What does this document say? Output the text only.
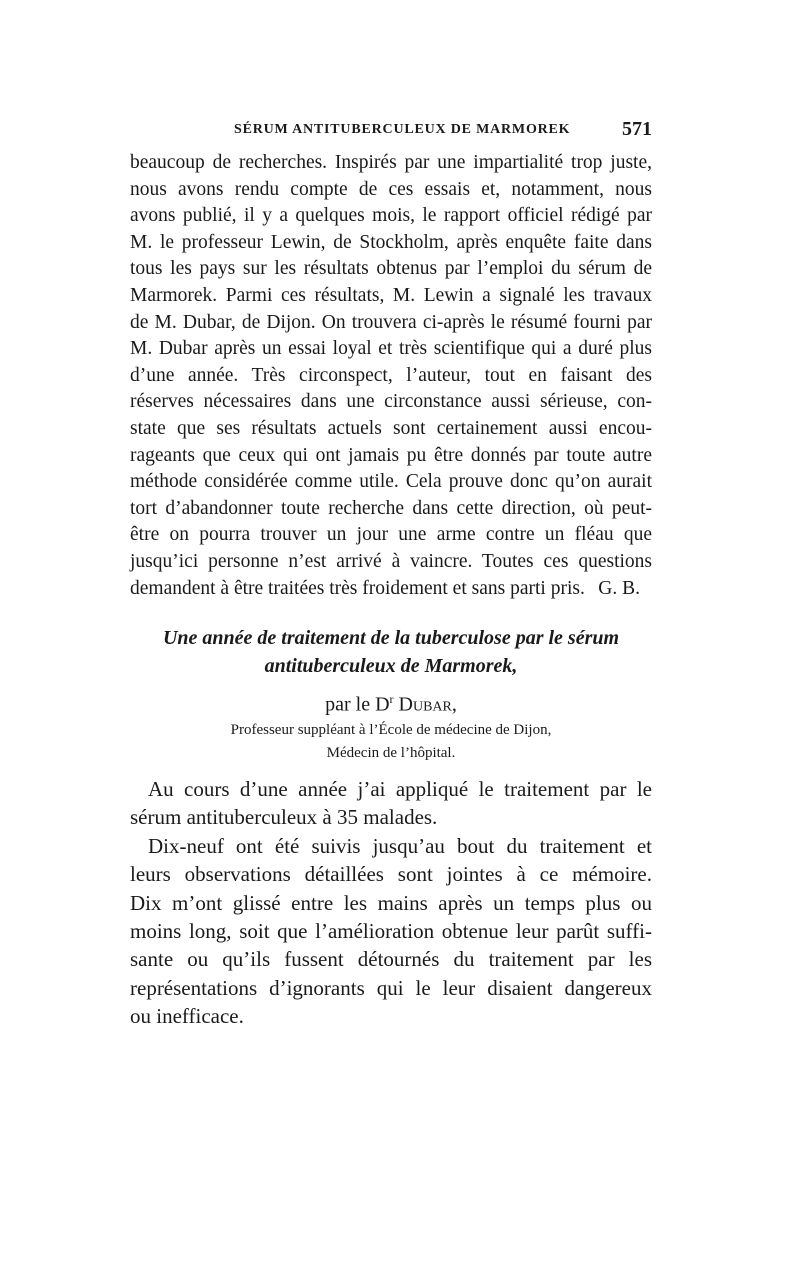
SÉRUM ANTITUBERCULEUX DE MARMOREK	571
beaucoup de recherches. Inspirés par une impartialité trop juste,
nous avons rendu compte de ces essais et, notamment, nous
avons publié, il y a quelques mois, le rapport officiel rédigé par
M. le professeur Lewin, de Stockholm, après enquête faite dans
tous les pays sur les résultats obtenus par l’emploi du sérum de
Marmorek. Parmi ces résultats, M. Lewin a signalé les travaux
de M. Dubar, de Dijon. On trouvera ci-après le résumé fourni par
M. Dubar après un essai loyal et très scientifique qui a duré plus
d’une année. Très circonspect, l’auteur, tout en faisant des
réserves nécessaires dans une circonstance aussi sérieuse, con-
state que ses résultats actuels sont certainement aussi encou-
rageants que ceux qui ont jamais pu être donnés par toute autre
méthode considérée comme utile. Cela prouve donc qu’on aurait
tort d’abandonner toute recherche dans cette direction, où peut-
être on pourra trouver un jour une arme contre un fléau que
jusqu’ici personne n’est arrivé à vaincre. Toutes ces questions
demandent à être traitées très froidement et sans parti pris. G. B.
Une année de traitement de la tuberculose par le sérum
antituberculeux de Marmorek,
par le $D^r$ Dubar,
Professeur suppléant à l’École de médecine de Dijon,
Médecin de l’hôpital.
Au cours d’une année j’ai appliqué le traitement par le
sérum antituberculeux à 35 malades.
Dix-neuf ont été suivis jusqu’au bout du traitement et
leurs observations détaillées sont jointes à ce mémoire.
Dix m’ont glissé entre les mains après un temps plus ou
moins long, soit que l’amélioration obtenue leur parût suffi-
sante ou qu’ils fussent détournés du traitement par les
représentations d’ignorants qui le leur disaient dangereux
ou inefficace.
